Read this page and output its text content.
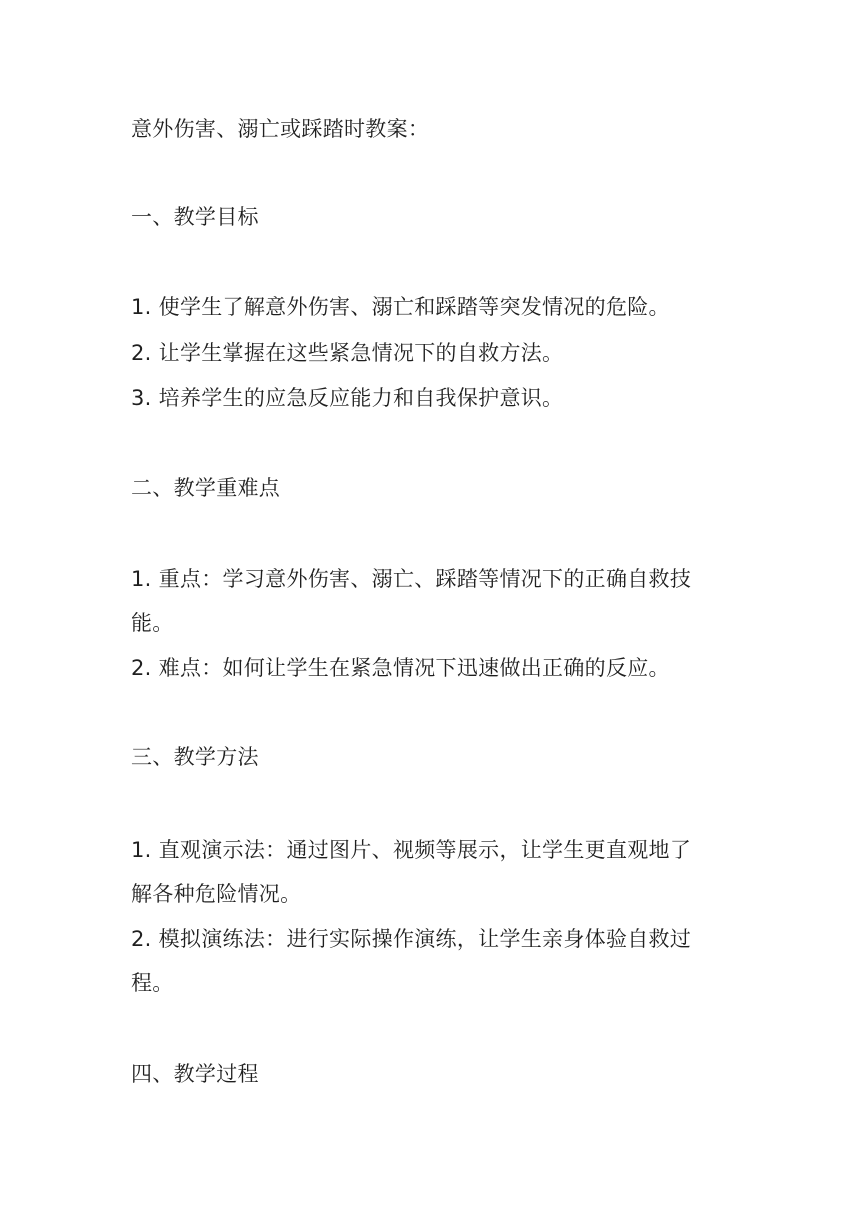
意外伤害、溺亡或踩踏时教案：
一、教学目标
1. 使学生了解意外伤害、溺亡和踩踏等突发情况的危险。
2. 让学生掌握在这些紧急情况下的自救方法。
3. 培养学生的应急反应能力和自我保护意识。
二、教学重难点
1. 重点：学习意外伤害、溺亡、踩踏等情况下的正确自救技
能。
2. 难点：如何让学生在紧急情况下迅速做出正确的反应。
三、教学方法
1. 直观演示法：通过图片、视频等展示，让学生更直观地了
解各种危险情况。
2. 模拟演练法：进行实际操作演练，让学生亲身体验自救过
程。
四、教学过程
